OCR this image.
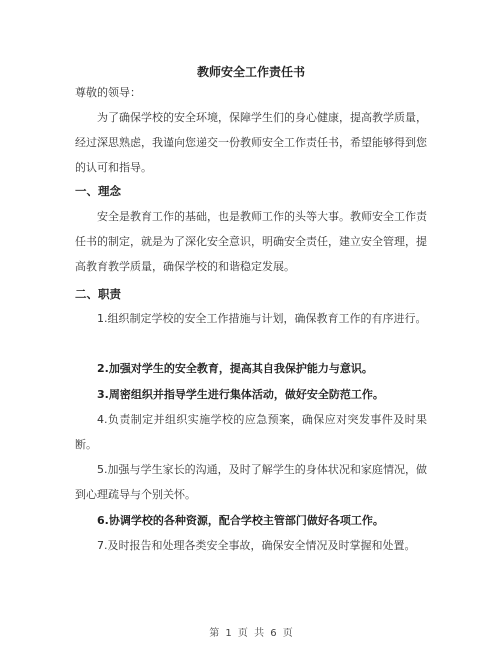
教师安全工作责任书
尊敬的领导：
为了确保学校的安全环境，保障学生们的身心健康，提高教学质量，经过深思熟虑，我谨向您递交一份教师安全工作责任书，希望能够得到您的认可和指导。
一、理念
安全是教育工作的基础，也是教师工作的头等大事。教师安全工作责任书的制定，就是为了深化安全意识，明确安全责任，建立安全管理，提高教育教学质量，确保学校的和谐稳定发展。
二、职责
1.组织制定学校的安全工作措施与计划，确保教育工作的有序进行。
2.加强对学生的安全教育，提高其自我保护能力与意识。
3.周密组织并指导学生进行集体活动，做好安全防范工作。
4.负责制定并组织实施学校的应急预案，确保应对突发事件及时果断。
5.加强与学生家长的沟通，及时了解学生的身体状况和家庭情况，做到心理疏导与个别关怀。
6.协调学校的各种资源，配合学校主管部门做好各项工作。
7.及时报告和处理各类安全事故，确保安全情况及时掌握和处置。
第 1 页 共 6 页
